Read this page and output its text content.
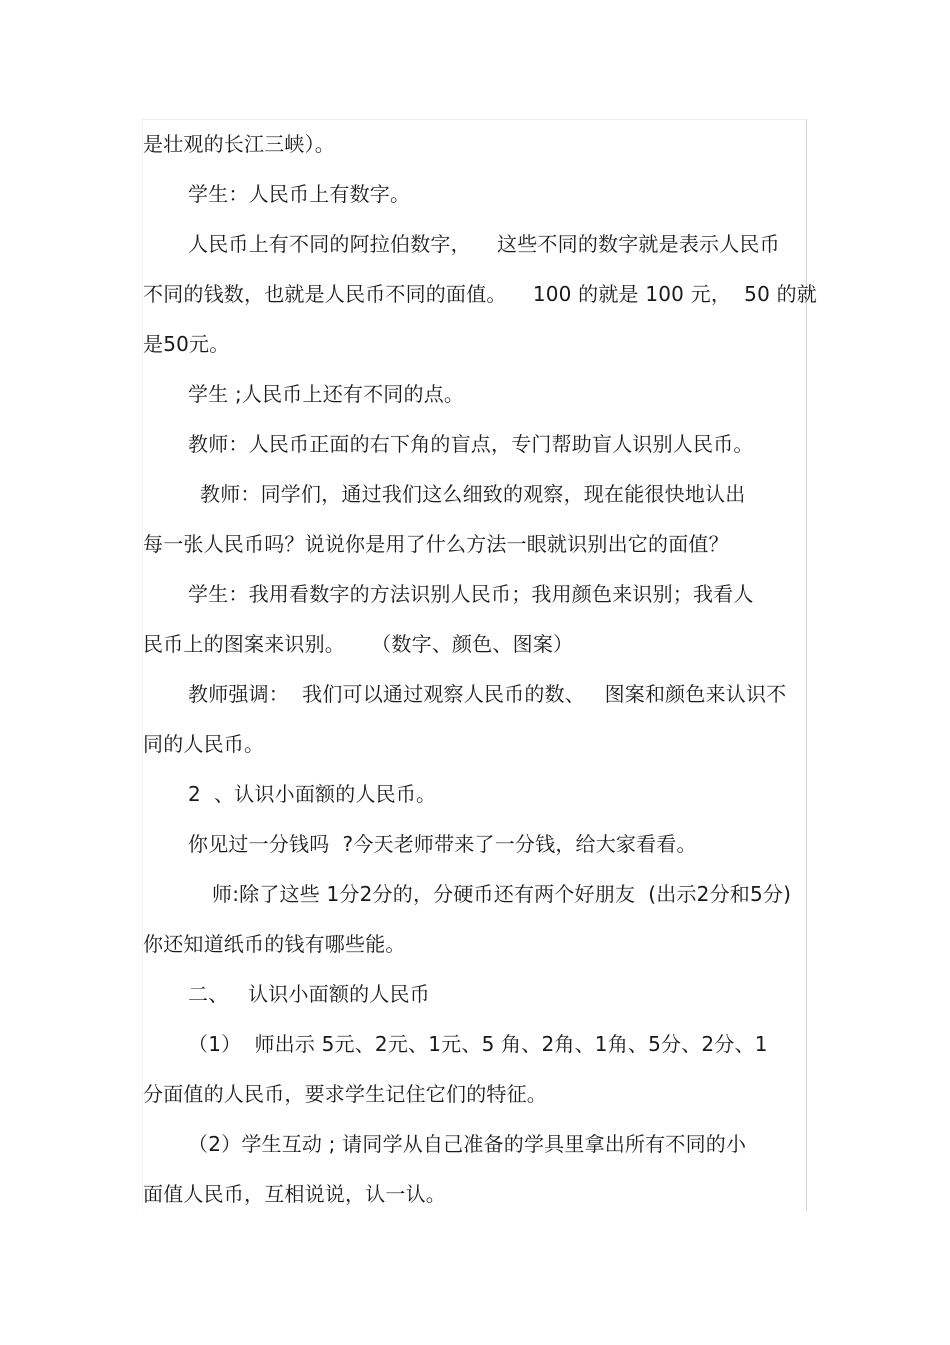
是壮观的长江三峡）。
学生：人民币上有数字。
人民币上有不同的阿拉伯数字，    这些不同的数字就是表示人民币
不同的钱数，也就是人民币不同的面值。    100 的就是 100 元，  50 的就
是50元。
学生 ;人民币上还有不同的点。
教师：人民币正面的右下角的盲点，专门帮助盲人识别人民币。
教师：同学们，通过我们这么细致的观察，现在能很快地认出
每一张人民币吗？说说你是用了什么方法一眼就识别出它的面值？
学生：我用看数字的方法识别人民币；我用颜色来识别；我看人
民币上的图案来识别。    （数字、颜色、图案）
教师强调：  我们可以通过观察人民币的数、   图案和颜色来认识不
同的人民币。
2  、认识小面额的人民币。
你见过一分钱吗  ?今天老师带来了一分钱，给大家看看。
师:除了这些 1分2分的，分硬币还有两个好朋友  (出示2分和5分)
你还知道纸币的钱有哪些能。
二、   认识小面额的人民币
（1）  师出示 5元、2元、1元、5 角、2角、1角、5分、2分、1
分面值的人民币，要求学生记住它们的特征。
（2）学生互动 ; 请同学从自己准备的学具里拿出所有不同的小
面值人民币，互相说说，认一认。
